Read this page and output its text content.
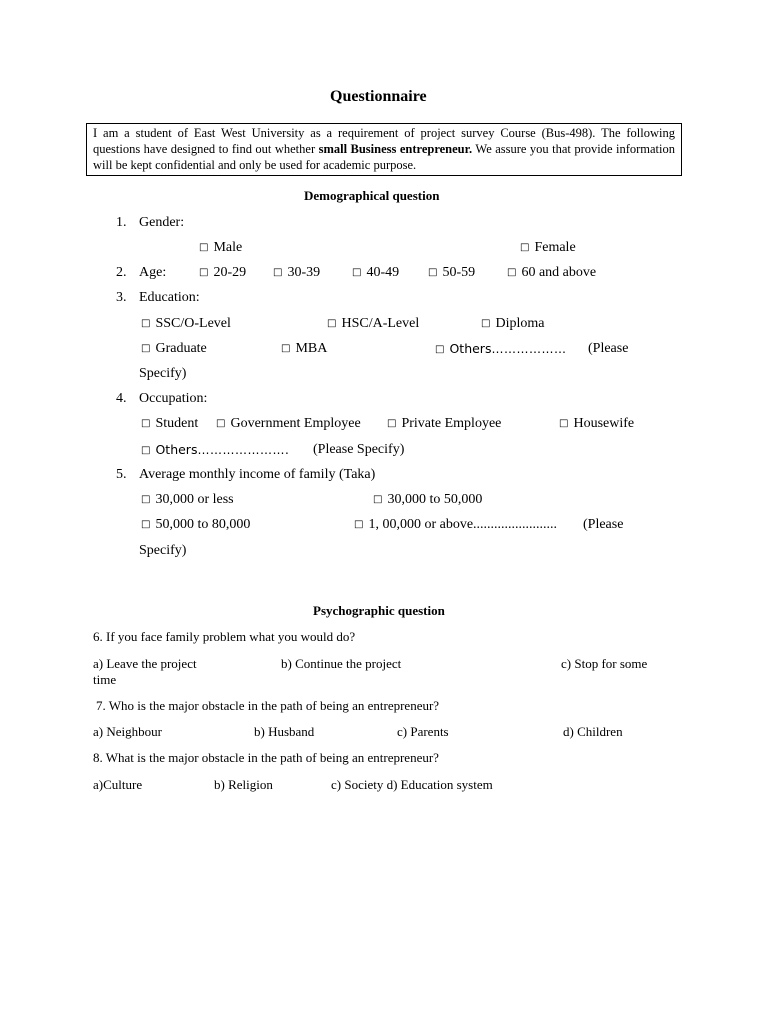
Questionnaire
I am a student of East West University as a requirement of project survey Course (Bus-498). The following questions have designed to find out whether small Business entrepreneur. We assure you that provide information will be kept confidential and only be used for academic purpose.
Demographical question
1. Gender:
□ Male	□ Female
2. Age:	□ 20-29	□ 30-39	□ 40-49	□ 50-59	□ 60 and above
3. Education:
□ SSC/O-Level	□ HSC/A-Level	□ Diploma
□ Graduate	□ MBA	□ Others……………… (Please
Specify)
4. Occupation:
□ Student □ Government Employee	□ Private Employee	□ Housewife
□ Others…………………. (Please Specify)
5. Average monthly income of family (Taka)
□ 30,000 or less	□ 30,000 to 50,000
□ 50,000 to 80,000	□ 1, 00,000 or above........................ (Please
Specify)
Psychographic question
6. If you face family problem what you would do?
a) Leave the project	b) Continue the project	c) Stop for some
time
7. Who is the major obstacle in the path of being an entrepreneur?
a) Neighbour	b) Husband	c) Parents	d) Children
8. What is the major obstacle in the path of being an entrepreneur?
a)Culture	b) Religion	c) Society d) Education system
